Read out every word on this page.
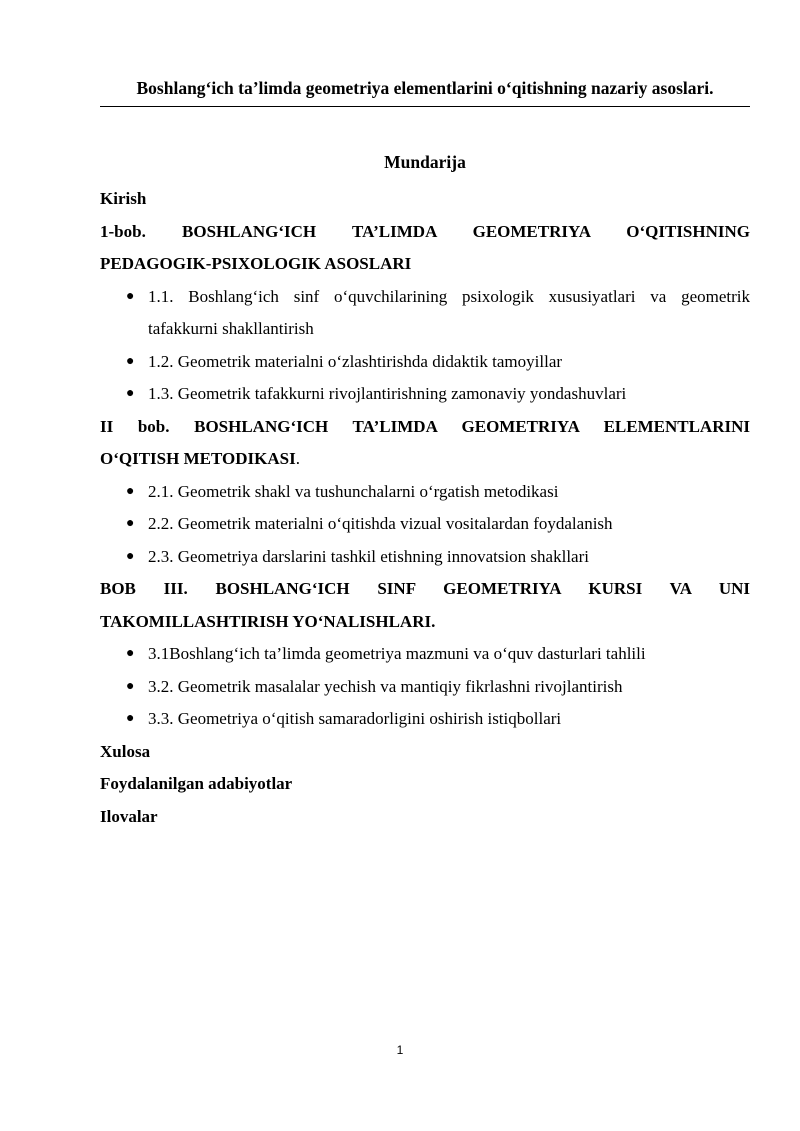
Boshlang‘ich ta’limda geometriya elementlarini o‘qitishning nazariy asoslari.
Mundarija

Kirish

1-bob. BOSHLANG‘ICH TA’LIMDA GEOMETRIYA O‘QITISHNING
PEDAGOGIK-PSIXOLOGIK ASOSLARI
● 1.1. Boshlang‘ich sinf o‘quvchilarining psixologik xususiyatlari va geometrik
tafakkurni shakllantirish
● 1.2. Geometrik materialni o‘zlashtirishda didaktik tamoyillar
● 1.3. Geometrik tafakkurni rivojlantirishning zamonaviy yondashuvlari
II bob. BOSHLANG‘ICH TA’LIMDA GEOMETRIYA ELEMENTLARINI
O‘QITISH METODIKASI.
● 2.1. Geometrik shakl va tushunchalarni o‘rgatish metodikasi
● 2.2. Geometrik materialni o‘qitishda vizual vositalardan foydalanish
● 2.3. Geometriya darslarini tashkil etishning innovatsion shakllari
BOB III. BOSHLANG‘ICH SINF GEOMETRIYA KURSI VA UNI
TAKOMILLASHTIRISH YO‘NALISHLARI.
● 3.1Boshlang‘ich ta’limda geometriya mazmuni va o‘quv dasturlari tahlili
● 3.2. Geometrik masalalar yechish va mantiqiy fikrlashni rivojlantirish
● 3.3. Geometriya o‘qitish samaradorligini oshirish istiqbollari

Xulosa

Foydalanilgan adabiyotlar

Ilovalar

1
